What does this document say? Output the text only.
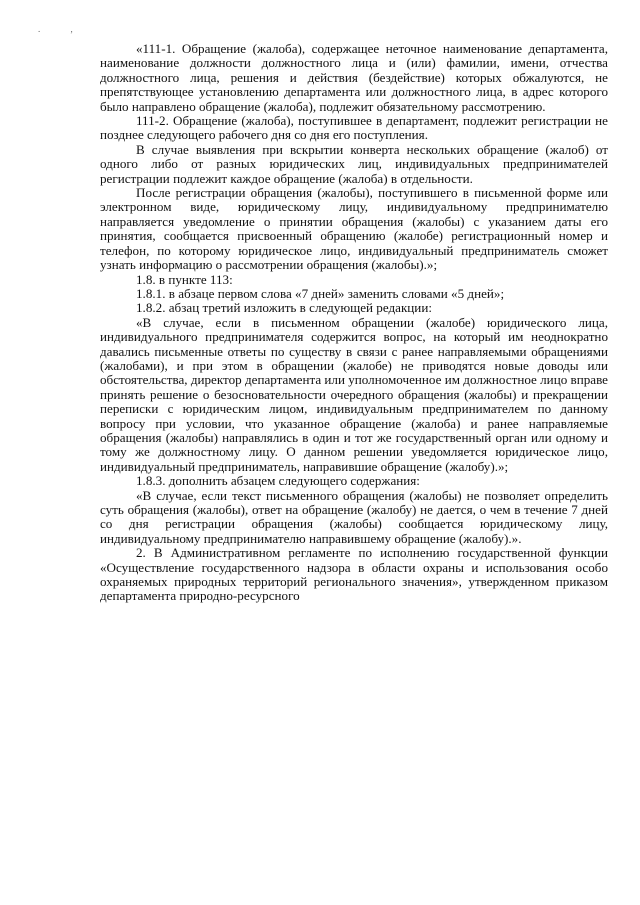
. ,

«111-1. Обращение (жалоба), содержащее неточное наименование департамента, наименование должности должностного лица и (или) фамилии, имени, отчества должностного лица, решения и действия (бездействие) которых обжалуются, не препятствующее установлению департамента или должностного лица, в адрес которого было направлено обращение (жалоба), подлежит обязательному рассмотрению.

111-2. Обращение (жалоба), поступившее в департамент, подлежит регистрации не позднее следующего рабочего дня со дня его поступления.

В случае выявления при вскрытии конверта нескольких обращение (жалоб) от одного либо от разных юридических лиц, индивидуальных предпринимателей регистрации подлежит каждое обращение (жалоба) в отдельности.

После регистрации обращения (жалобы), поступившего в письменной форме или электронном виде, юридическому лицу, индивидуальному предпринимателю направляется уведомление о принятии обращения (жалобы) с указанием даты его принятия, сообщается присвоенный обращению (жалобе) регистрационный номер и телефон, по которому юридическое лицо, индивидуальный предприниматель сможет узнать информацию о рассмотрении обращения (жалобы).»;

1.8. в пункте 113:

1.8.1. в абзаце первом слова «7 дней» заменить словами «5 дней»;

1.8.2. абзац третий изложить в следующей редакции:

«В случае, если в письменном обращении (жалобе) юридического лица, индивидуального предпринимателя содержится вопрос, на который им неоднократно давались письменные ответы по существу в связи с ранее направляемыми обращениями (жалобами), и при этом в обращении (жалобе) не приводятся новые доводы или обстоятельства, директор департамента или уполномоченное им должностное лицо вправе принять решение о безосновательности очередного обращения (жалобы) и прекращении переписки с юридическим лицом, индивидуальным предпринимателем по данному вопросу при условии, что указанное обращение (жалоба) и ранее направляемые обращения (жалобы) направлялись в один и тот же государственный орган или одному и тому же должностному лицу. О данном решении уведомляется юридическое лицо, индивидуальный предприниматель, направившие обращение (жалобу).»;

1.8.3. дополнить абзацем следующего содержания:

«В случае, если текст письменного обращения (жалобы) не позволяет определить суть обращения (жалобы), ответ на обращение (жалобу) не дается, о чем в течение 7 дней со дня регистрации обращения (жалобы) сообщается юридическому лицу, индивидуальному предпринимателю направившему обращение (жалобу).».

2. В Административном регламенте по исполнению государственной функции «Осуществление государственного надзора в области охраны и использования особо охраняемых природных территорий регионального значения», утвержденном приказом департамента природно-ресурсного
